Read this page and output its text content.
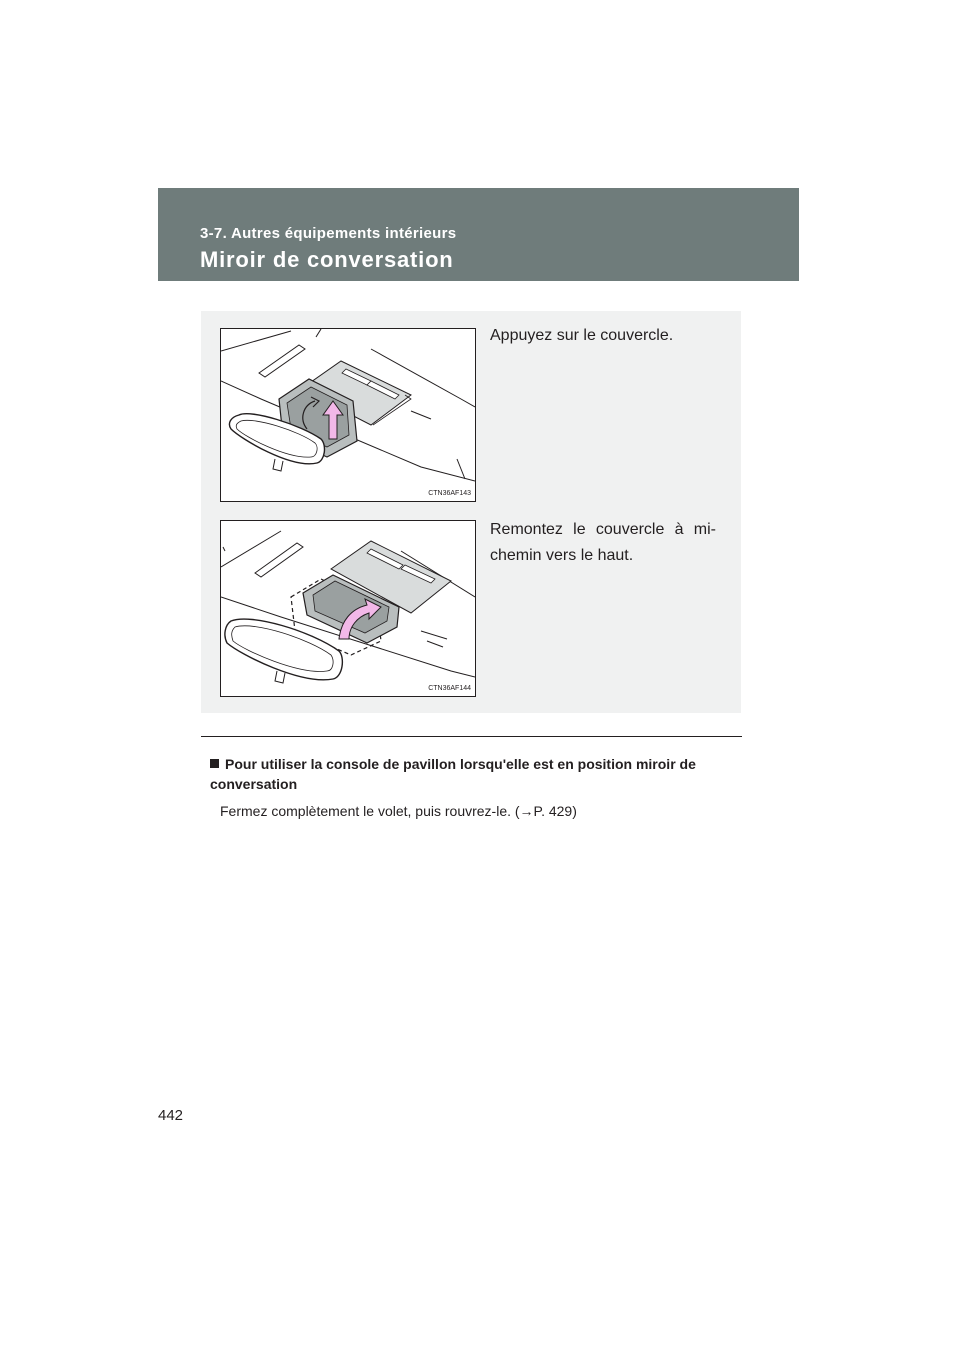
3-7. Autres équipements intérieurs
Miroir de conversation
CTN36AF143
Appuyez sur le couvercle.
CTN36AF144
Remontez le couvercle à mi-chemin vers le haut.
Pour utiliser la console de pavillon lorsqu'elle est en position miroir de conversation
Fermez complètement le volet, puis rouvrez-le. (→P. 429)
442
